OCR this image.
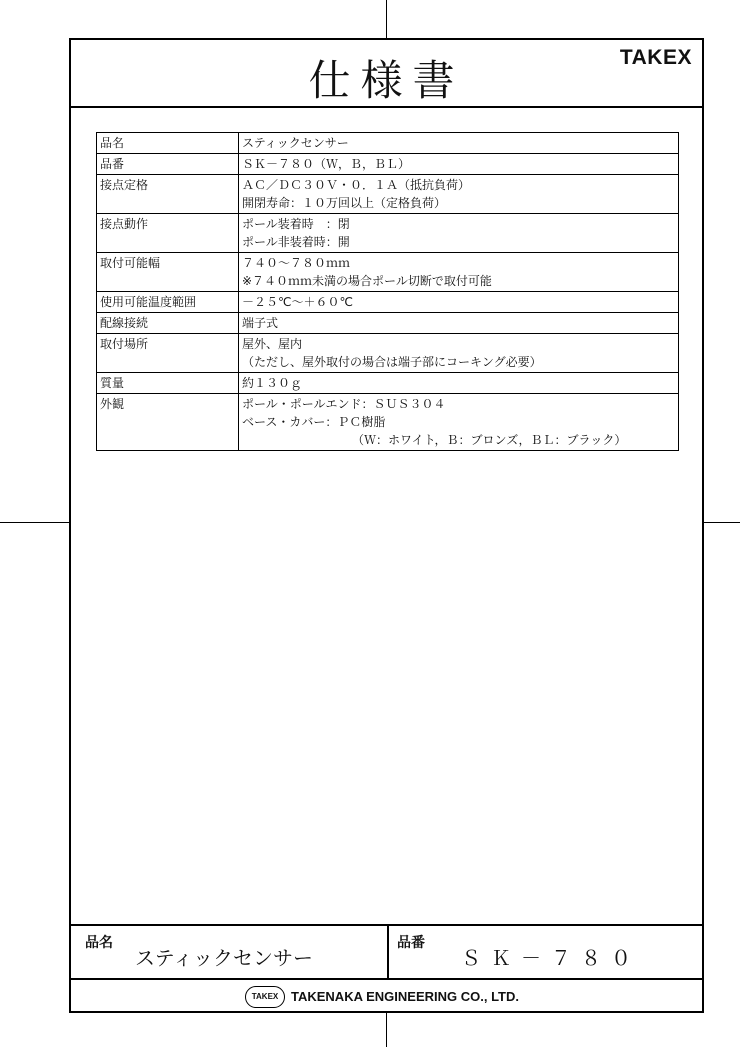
仕様書	TAKEX
品名	スティックセンサー

品番	ＳＫ－７８０（Ｗ，Ｂ，ＢＬ）

接点定格	ＡＣ／ＤＣ３０Ｖ・０．１Ａ（抵抗負荷）
開閉寿命：１０万回以上（定格負荷）

接点動作	ポール装着時　：閉
ポール非装着時：開

取付可能幅	７４０～７８０ｍｍ
※７４０ｍｍ未満の場合ポール切断で取付可能

使用可能温度範囲	－２５℃～＋６０℃

配線接続	端子式

取付場所	屋外、屋内
（ただし、屋外取付の場合は端子部にコーキング必要）

質量	約１３０ｇ

外観	ポール・ポールエンド：ＳＵＳ３０４
ベース・カバー：ＰＣ樹脂
（Ｗ：ホワイト，Ｂ：ブロンズ，ＢＬ：ブラック）
品名
スティックセンサー
品番
ＳＫ－７８０
TAKEX TAKENAKA ENGINEERING CO., LTD.
